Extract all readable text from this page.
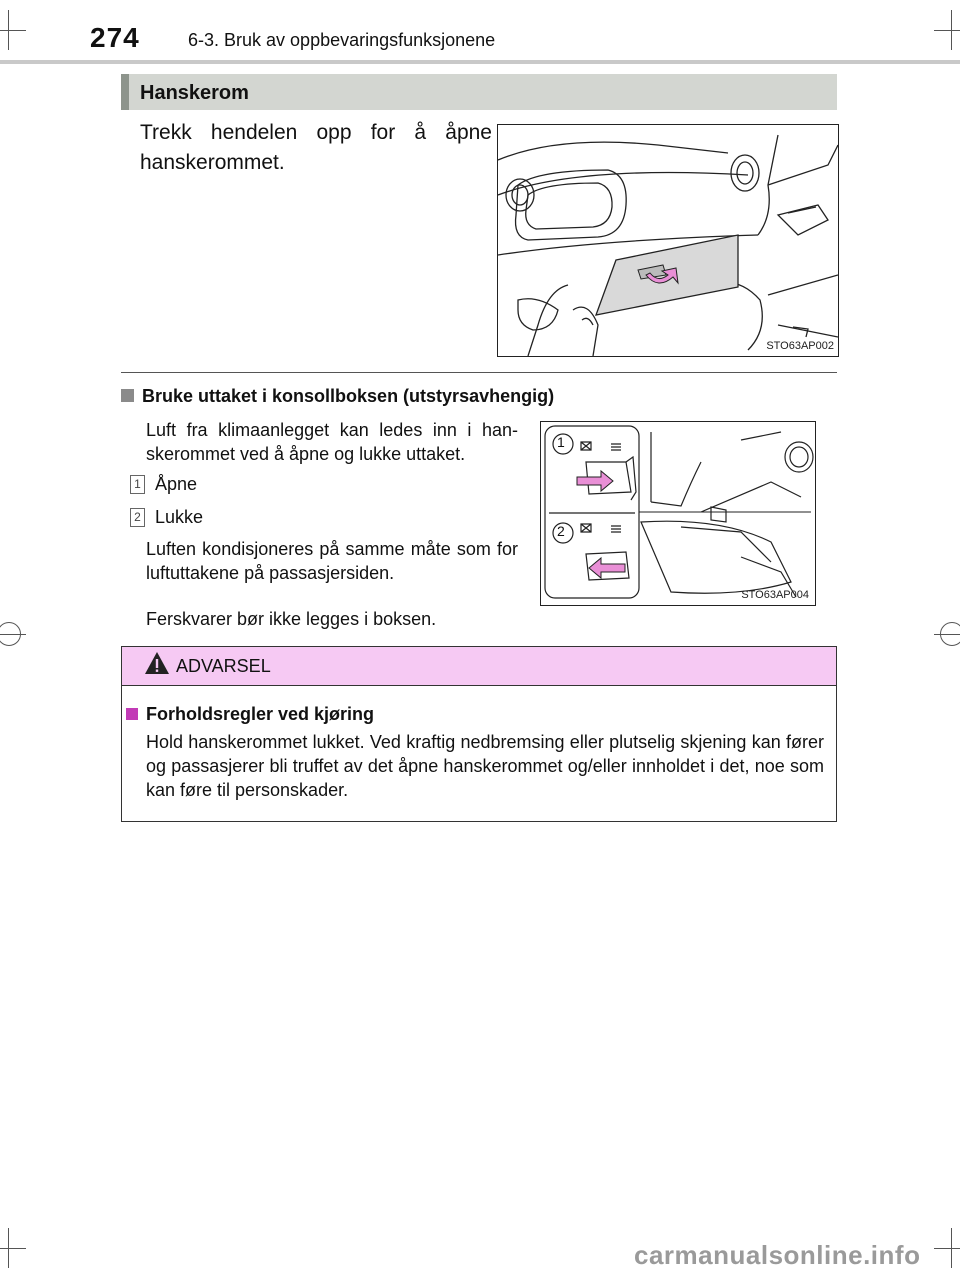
274	6-3. Bruk av oppbevaringsfunksjonene
Hanskerom
Trekk hendelen opp for å åpne hanskerommet.
STO63AP002
Bruke uttaket i konsollboksen (utstyrsavhengig)
Luft fra klimaanlegget kan ledes inn i han-skerommet ved å åpne og lukke uttaket.
1 Åpne
2 Lukke
Luften kondisjoneres på samme måte som for luftuttakene på passasjersiden.
Ferskvarer bør ikke legges i boksen.
1
2
STO63AP004
ADVARSEL
Forholdsregler ved kjøring
Hold hanskerommet lukket. Ved kraftig nedbremsing eller plutselig skjening kan fører og passasjerer bli truffet av det åpne hanskerommet og/eller innholdet i det, noe som kan føre til personskader.
carmanualsonline.info
